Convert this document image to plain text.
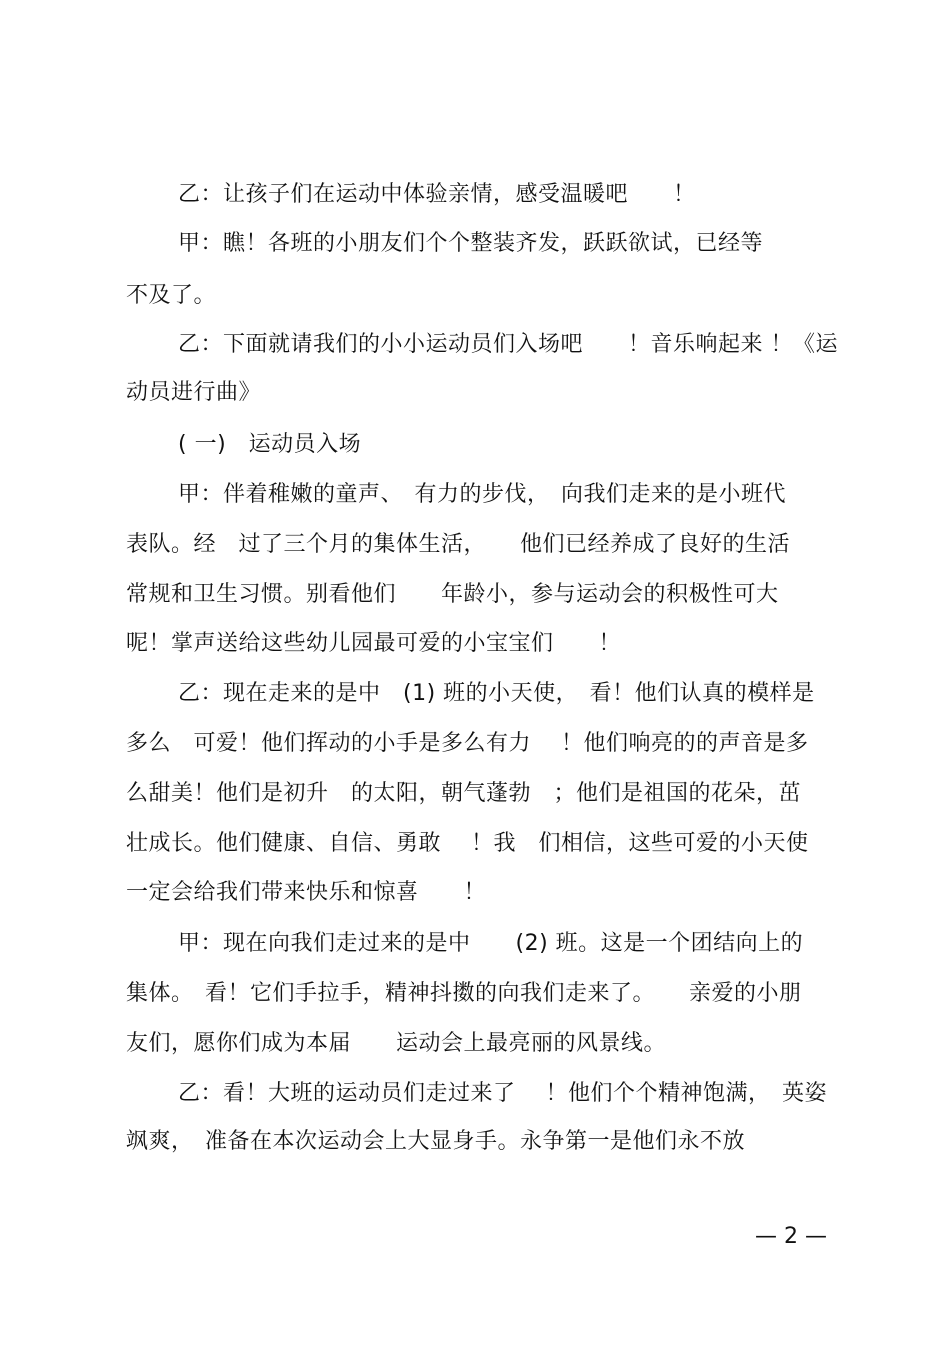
乙：让孩子们在运动中体验亲情，感受温暖吧　　！
甲：瞧！各班的小朋友们个个整装齐发，跃跃欲试，已经等
不及了。
乙：下面就请我们的小小运动员们入场吧　　！音乐响起来 ！《运
动员进行曲》
( 一)　运动员入场
甲：伴着稚嫩的童声、　有力的步伐，　向我们走来的是小班代
表队。经　过了三个月的集体生活，　　他们已经养成了良好的生活
常规和卫生习惯。别看他们　　年龄小，参与运动会的积极性可大
呢！掌声送给这些幼儿园最可爱的小宝宝们　　！
乙：现在走来的是中　(1) 班的小天使，　看！他们认真的模样是
多么　可爱！他们挥动的小手是多么有力　 ！他们响亮的的声音是多
么甜美！他们是初升　的太阳，朝气蓬勃　；他们是祖国的花朵，茁
壮成长。他们健康、自信、勇敢　 ！我　们相信，这些可爱的小天使
一定会给我们带来快乐和惊喜　　！
甲：现在向我们走过来的是中　　(2) 班。这是一个团结向上的
集体。　看！它们手拉手，精神抖擞的向我们走来了。　　亲爱的小朋
友们，愿你们成为本届　　运动会上最亮丽的风景线。
乙：看！大班的运动员们走过来了　 ！他们个个精神饱满，　英姿
飒爽，　准备在本次运动会上大显身手。永争第一是他们永不放
— 2 —
